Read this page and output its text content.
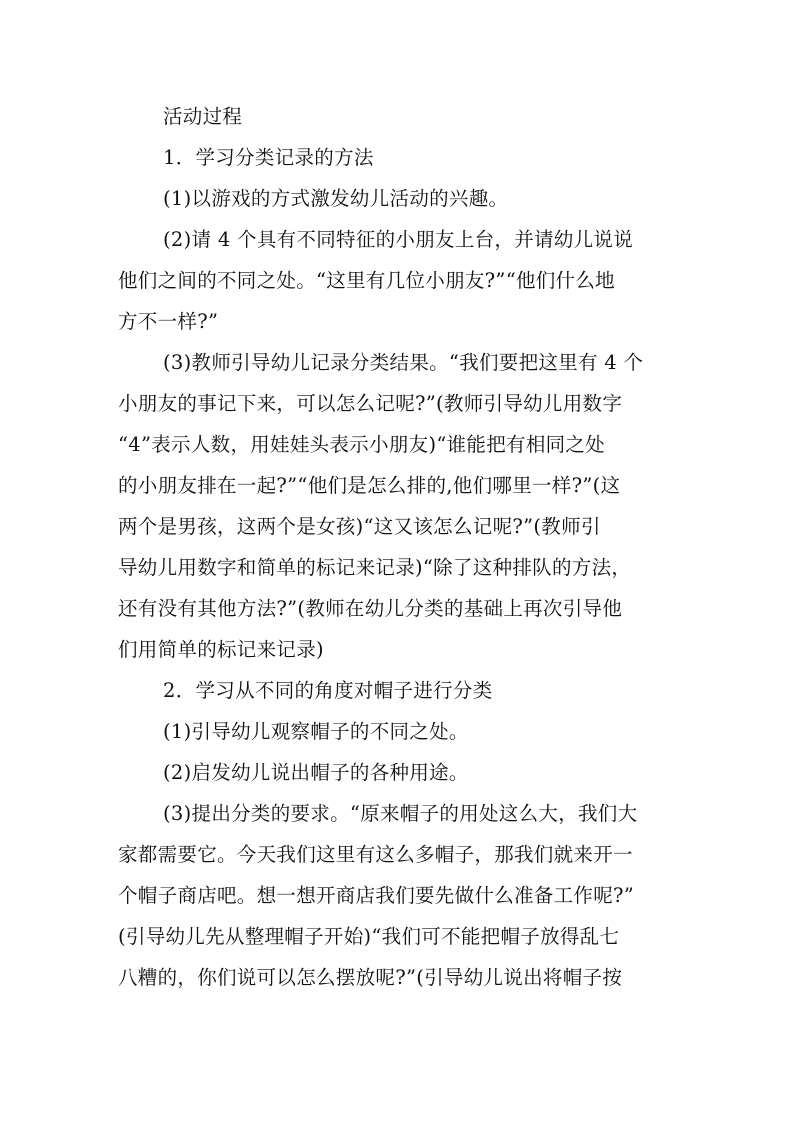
活动过程
1．学习分类记录的方法
(1)以游戏的方式激发幼儿活动的兴趣。
(2)请 4 个具有不同特征的小朋友上台，并请幼儿说说
他们之间的不同之处。“这里有几位小朋友?”“他们什么地
方不一样?”
(3)教师引导幼儿记录分类结果。“我们要把这里有 4 个
小朋友的事记下来，可以怎么记呢?”(教师引导幼儿用数字
“4”表示人数，用娃娃头表示小朋友)“谁能把有相同之处
的小朋友排在一起?”“他们是怎么排的,他们哪里一样?”(这
两个是男孩，这两个是女孩)“这又该怎么记呢?”(教师引
导幼儿用数字和简单的标记来记录)“除了这种排队的方法，
还有没有其他方法?”(教师在幼儿分类的基础上再次引导他
们用简单的标记来记录)
2．学习从不同的角度对帽子进行分类
(1)引导幼儿观察帽子的不同之处。
(2)启发幼儿说出帽子的各种用途。
(3)提出分类的要求。“原来帽子的用处这么大，我们大
家都需要它。今天我们这里有这么多帽子，那我们就来开一
个帽子商店吧。想一想开商店我们要先做什么准备工作呢?”
(引导幼儿先从整理帽子开始)“我们可不能把帽子放得乱七
八糟的，你们说可以怎么摆放呢?”(引导幼儿说出将帽子按
